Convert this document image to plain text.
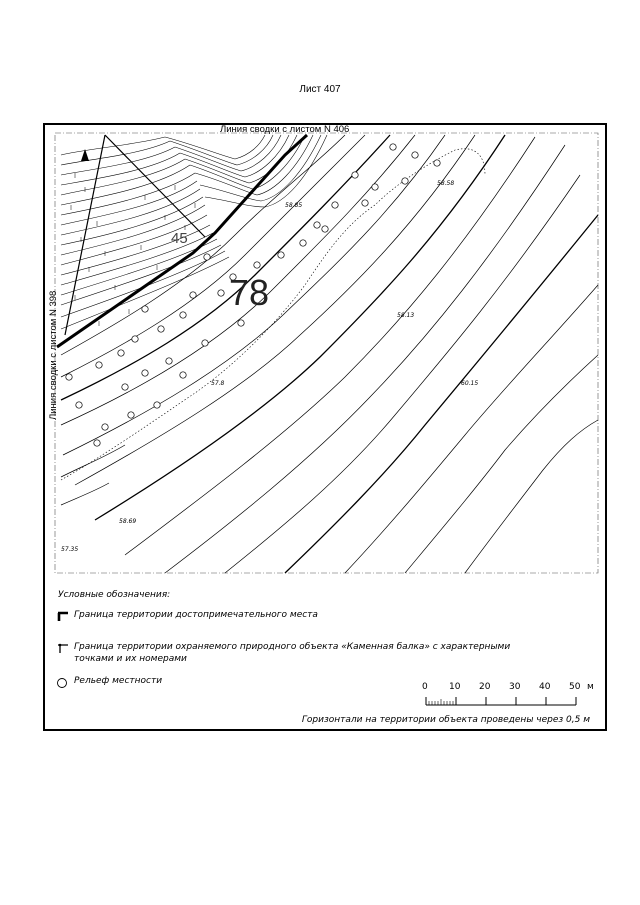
Лист 407
78
45
58.85
58.58
58.13
60.15
57.8
58.69
57.35
Линия сводки с листом N 406
Линия сводки с листом N 398
Условные обозначения:
Граница территории достопримечательного места
Граница территории охраняемого природного объекта «Каменная балка» с характерными
точками и их номерами
Рельеф местности
0 10 20 30 40 50 м
Горизонтали на территории объекта проведены через 0,5 м
